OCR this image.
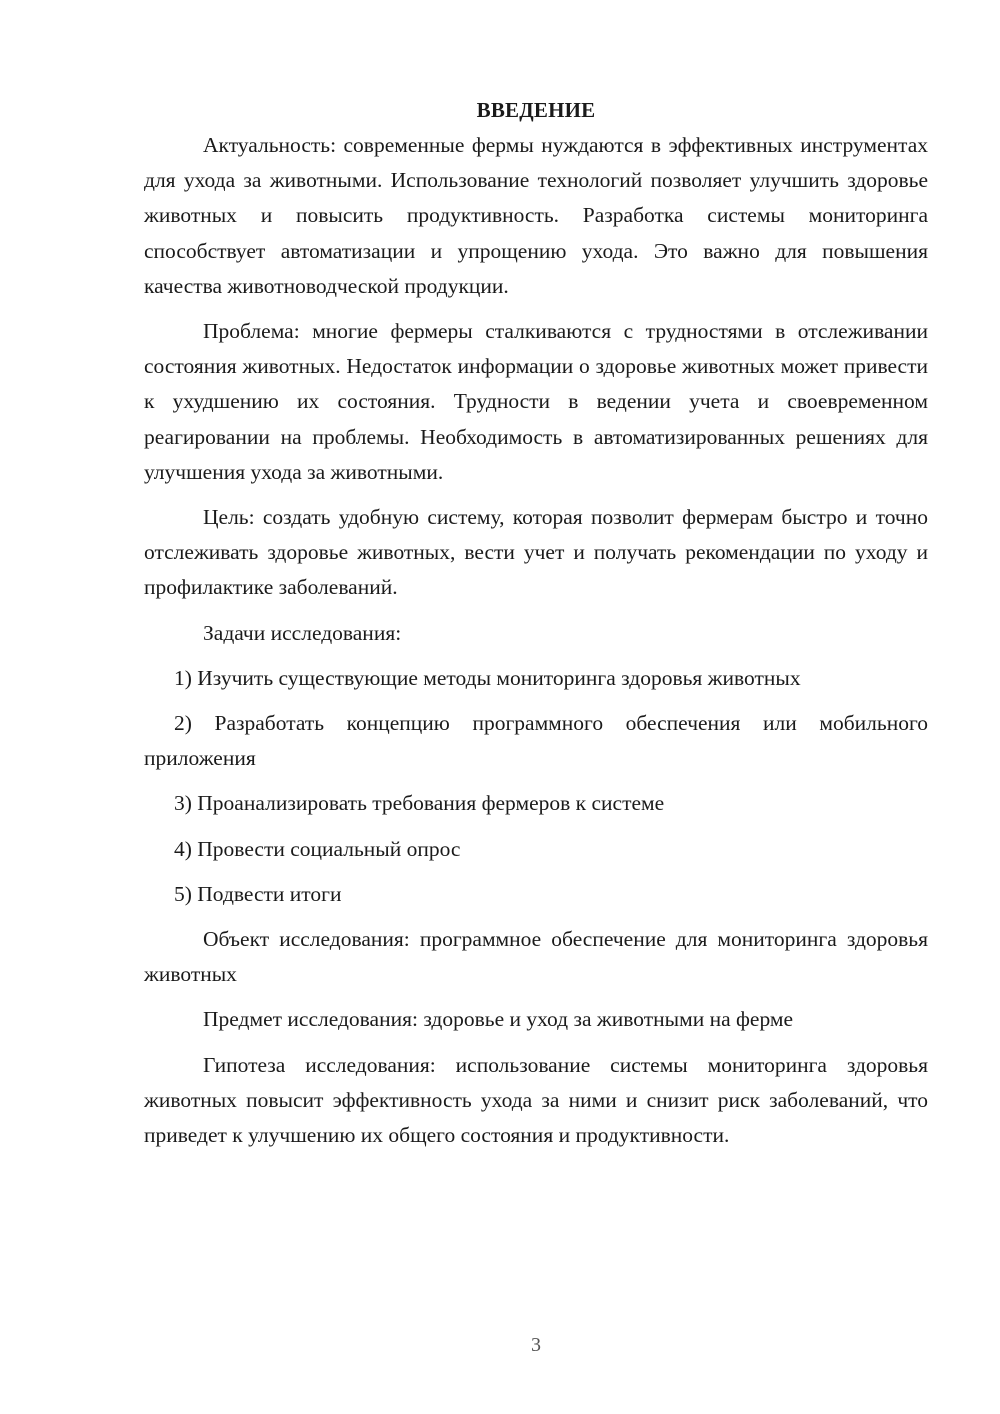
ВВЕДЕНИЕ

Актуальность: современные фермы нуждаются в эффективных инструментах для ухода за животными. Использование технологий позволяет улучшить здоровье животных и повысить продуктивность. Разработка системы мониторинга способствует автоматизации и упрощению ухода. Это важно для повышения качества животноводческой продукции.

Проблема: многие фермеры сталкиваются с трудностями в отслеживании состояния животных. Недостаток информации о здоровье животных может привести к ухудшению их состояния. Трудности в ведении учета и своевременном реагировании на проблемы. Необходимость в автоматизированных решениях для улучшения ухода за животными.

Цель: создать удобную систему, которая позволит фермерам быстро и точно отслеживать здоровье животных, вести учет и получать рекомендации по уходу и профилактике заболеваний.

Задачи исследования:

1) Изучить существующие методы мониторинга здоровья животных

2) Разработать концепцию программного обеспечения или мобильного приложения

3) Проанализировать требования фермеров к системе

4) Провести социальный опрос

5) Подвести итоги

Объект исследования: программное обеспечение для мониторинга здоровья животных

Предмет исследования: здоровье и уход за животными на ферме

Гипотеза исследования: использование системы мониторинга здоровья животных повысит эффективность ухода за ними и снизит риск заболеваний, что приведет к улучшению их общего состояния и продуктивности.

3
